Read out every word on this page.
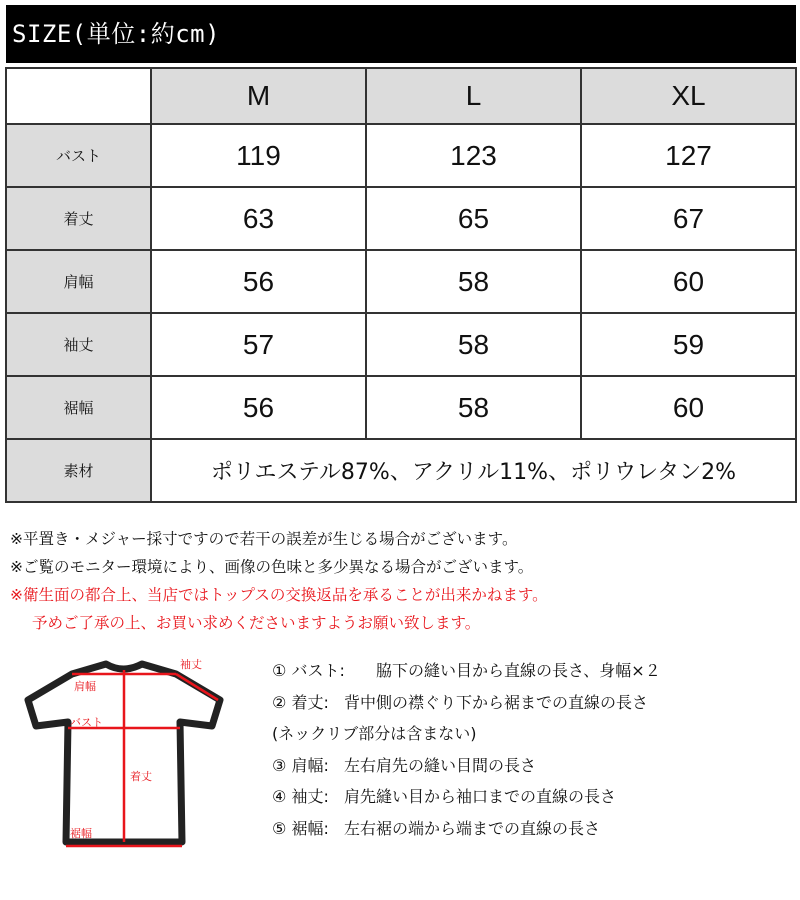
SIZE(単位:約cm)
	M	L	XL
バスト	119	123	127
着丈	63	65	67
肩幅	56	58	60
袖丈	57	58	59
裾幅	56	58	60
素材	ポリエステル87%、アクリル11%、ポリウレタン2%		
※平置き・メジャー採寸ですので若干の誤差が生じる場合がございます。
※ご覧のモニター環境により、画像の色味と多少異なる場合がございます。
※衛生面の都合上、当店ではトップスの交換返品を承ることが出来かねます。
予めご了承の上、お買い求めくださいますようお願い致します。
袖丈
肩幅
バスト
着丈
裾幅
① バスト: 脇下の縫い目から直線の長さ、身幅×２
② 着丈: 背中側の襟ぐり下から裾までの直線の長さ
(ネックリブ部分は含まない)
③ 肩幅: 左右肩先の縫い目間の長さ
④ 袖丈: 肩先縫い目から袖口までの直線の長さ
⑤ 裾幅: 左右裾の端から端までの直線の長さ
